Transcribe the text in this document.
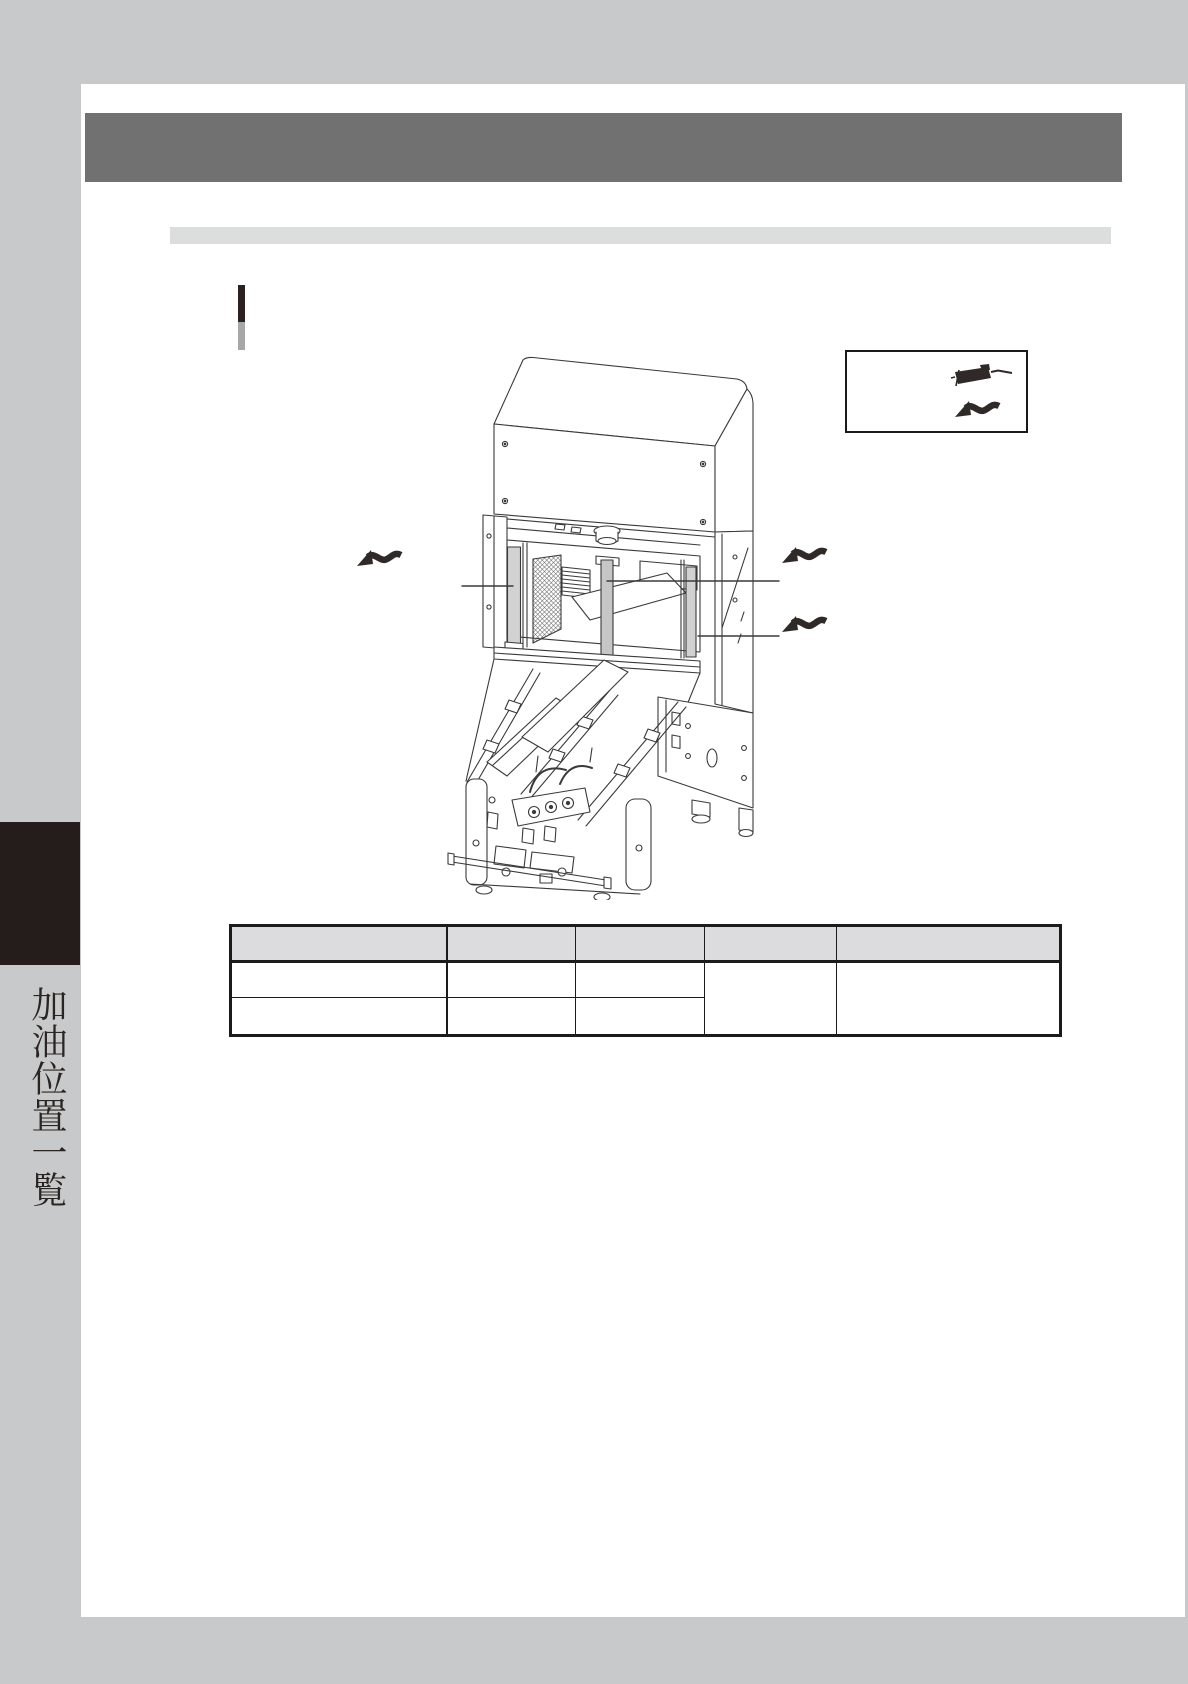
加油位置一覧
